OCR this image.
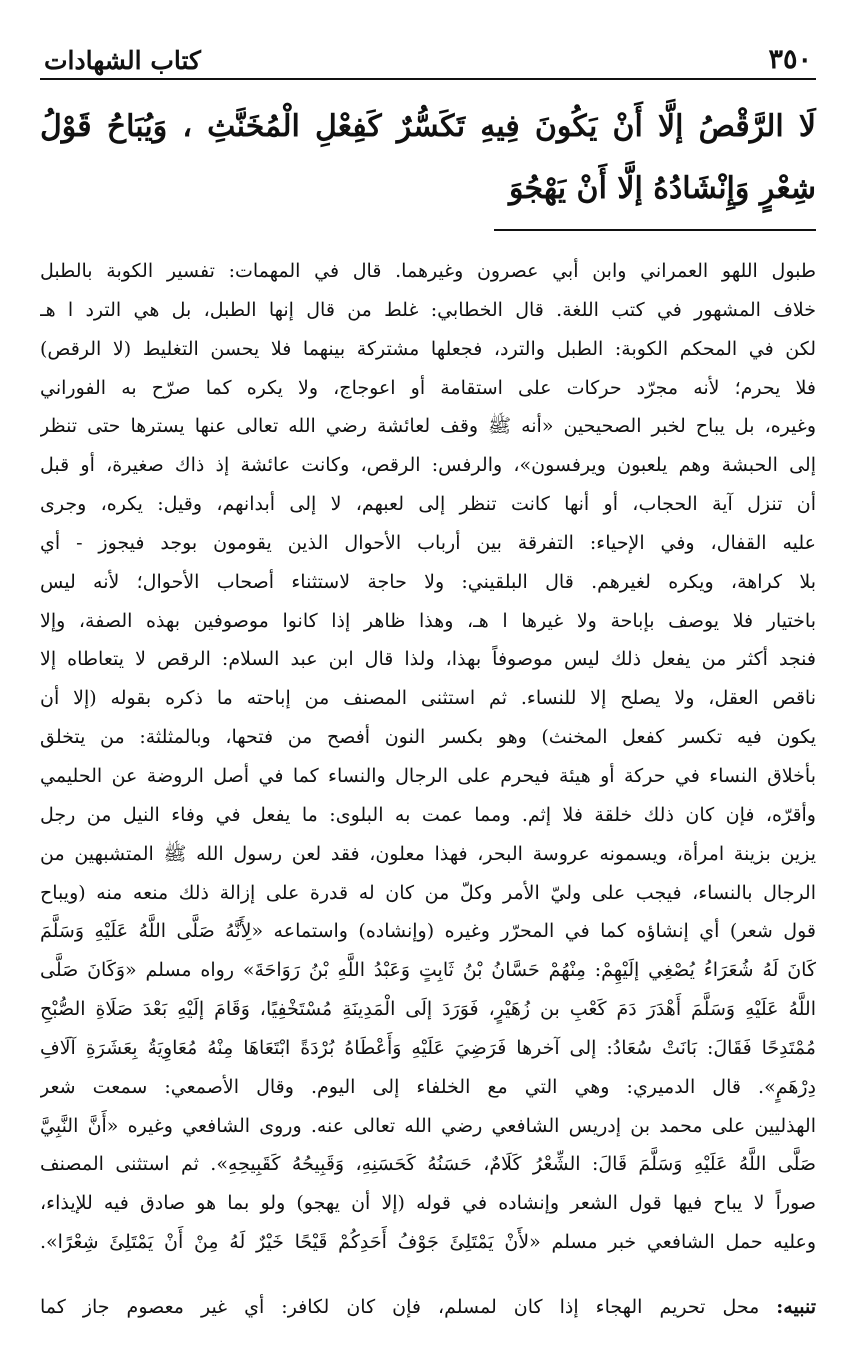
٣٥٠
كتاب الشهادات

لَا الرَّقْصُ إلَّا أَنْ يَكُونَ فِيهِ تَكَسُّرٌ كَفِعْلِ الْمُخَنَّثِ ، وَيُبَاحُ قَوْلُ شِعْرٍ وَإِنْشَادُهُ إلَّا أَنْ يَهْجُوَ

طبول اللهو العمراني وابن أبي عصرون وغيرهما. قال في المهمات: تفسير الكوبة بالطبل
خلاف المشهور في كتب اللغة. قال الخطابي: غلط من قال إنها الطبل، بل هي الترد ا هـ
لكن في المحكم الكوبة: الطبل والترد، فجعلها مشتركة بينهما فلا يحسن التغليط (لا الرقص)
فلا يحرم؛ لأنه مجرّد حركات على استقامة أو اعوجاج، ولا يكره كما صرّح به الفوراني
وغيره، بل يباح لخبر الصحيحين «أنه ﷺ وقف لعائشة رضي الله تعالى عنها يسترها حتى تنظر
إلى الحبشة وهم يلعبون ويرفسون»، والرفس: الرقص، وكانت عائشة إذ ذاك صغيرة، أو قبل
أن تنزل آية الحجاب، أو أنها كانت تنظر إلى لعبهم، لا إلى أبدانهم، وقيل: يكره، وجرى
عليه القفال، وفي الإحياء: التفرقة بين أرباب الأحوال الذين يقومون بوجد فيجوز - أي
بلا كراهة، ويكره لغيرهم. قال البلقيني: ولا حاجة لاستثناء أصحاب الأحوال؛ لأنه ليس
باختيار فلا يوصف بإباحة ولا غيرها ا هـ، وهذا ظاهر إذا كانوا موصوفين بهذه الصفة، وإلا
فنجد أكثر من يفعل ذلك ليس موصوفاً بهذا، ولذا قال ابن عبد السلام: الرقص لا يتعاطاه إلا
ناقص العقل، ولا يصلح إلا للنساء. ثم استثنى المصنف من إباحته ما ذكره بقوله (إلا أن
يكون فيه تكسر كفعل المخنث) وهو بكسر النون أفصح من فتحها، وبالمثلثة: من يتخلق
بأخلاق النساء في حركة أو هيئة فيحرم على الرجال والنساء كما في أصل الروضة عن الحليمي
وأقرّه، فإن كان ذلك خلقة فلا إثم. ومما عمت به البلوى: ما يفعل في وفاء النيل من رجل
يزين بزينة امرأة، ويسمونه عروسة البحر، فهذا معلون، فقد لعن رسول الله ﷺ المتشبهين من
الرجال بالنساء، فيجب على وليّ الأمر وكلّ من كان له قدرة على إزالة ذلك منعه منه (ويباح
قول شعر) أي إنشاؤه كما في المحرّر وغيره (وإنشاده) واستماعه «لِأَنَّهُ صَلَّى اللَّهُ عَلَيْهِ وَسَلَّمَ
كَانَ لَهُ شُعَرَاءُ يُصْغِي إلَيْهِمْ: مِنْهُمْ حَسَّانُ بْنُ ثَابِتٍ وَعَبْدُ اللَّهِ بْنُ رَوَاحَةَ» رواه مسلم «وَكَانَ صَلَّى
اللَّهُ عَلَيْهِ وَسَلَّمَ أَهْدَرَ دَمَ كَعْبِ بن زُهَيْرٍ، فَوَرَدَ إلَى الْمَدِينَةِ مُسْتَخْفِيًا، وَقَامَ إلَيْهِ بَعْدَ صَلَاةِ الصُّبْحِ
مُمْتَدِحًا فَقَالَ: بَانَتْ سُعَادُ: إلى آخرها فَرَضِيَ عَلَيْهِ وَأَعْطَاهُ بُرْدَةً ابْتَعَاهَا مِنْهُ مُعَاوِيَةُ بِعَشَرَةِ آلَافِ
دِرْهَمٍ». قال الدميري: وهي التي مع الخلفاء إلى اليوم. وقال الأصمعي: سمعت شعر
الهذليين على محمد بن إدريس الشافعي رضي الله تعالى عنه. وروى الشافعي وغيره «أَنَّ النَّبِيَّ
صَلَّى اللَّهُ عَلَيْهِ وَسَلَّمَ قَالَ: الشِّعْرُ كَلَامٌ، حَسَنُهُ كَحَسَنِهِ، وَقَبِيحُهُ كَقَبِيحِهِ». ثم استثنى المصنف
صوراً لا يباح فيها قول الشعر وإنشاده في قوله (إلا أن يهجو) ولو بما هو صادق فيه للإيذاء،
وعليه حمل الشافعي خبر مسلم «لأَنْ يَمْتَلِئَ جَوْفُ أَحَدِكُمْ قَيْحًا خَيْرٌ لَهُ مِنْ أَنْ يَمْتَلِئَ شِعْرًا».
تنبيه: محل تحريم الهجاء إذا كان لمسلم، فإن كان لكافر: أي غير معصوم جاز كما
